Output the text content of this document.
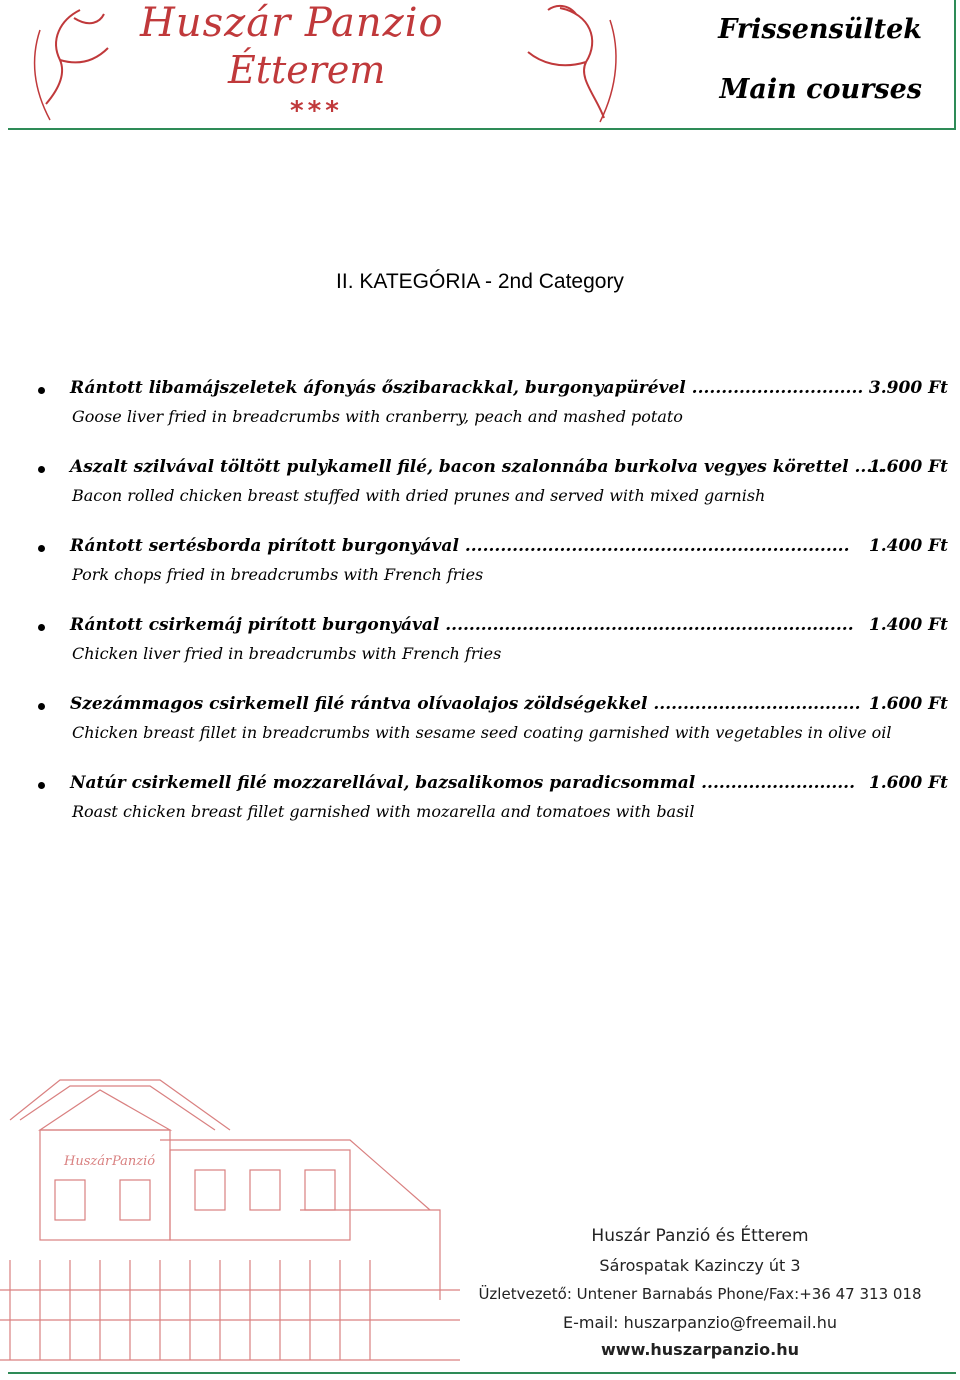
Huszár Panzio
Étterem
***
Frissensültek
Main courses
II. KATEGÓRIA - 2nd Category
Rántott libamájszeletek áfonyás őszibarackkal, burgonyapürével ............................. 3.900 Ft
Goose liver fried in breadcrumbs with cranberry, peach and mashed potato
Aszalt szilvával töltött pulykamell filé, bacon szalonnába burkolva vegyes körettel .....
1.600 Ft
Bacon rolled chicken breast stuffed with dried prunes and served with mixed garnish
Rántott sertésborda pirított burgonyával ................................................................. 1.400 Ft
Pork chops fried in breadcrumbs with French fries
Rántott csirkemáj pirított burgonyával ..................................................................... 1.400 Ft
Chicken liver fried in breadcrumbs with French fries
Szezámmagos csirkemell filé rántva olívaolajos zöldségekkel ................................... 1.600 Ft
Chicken breast fillet in breadcrumbs with sesame seed coating garnished with vegetables in olive oil
Natúr csirkemell filé mozzarellával, bazsalikomos paradicsommal .......................... 1.600 Ft
Roast chicken breast fillet garnished with mozarella and tomatoes with basil
Huszár Panzió
Huszár Panzió és Étterem
Sárospatak Kazinczy út 3
Üzletvezető: Untener Barnabás Phone/Fax:+36 47 313 018
E-mail: huszarpanzio@freemail.hu
www.huszarpanzio.hu
